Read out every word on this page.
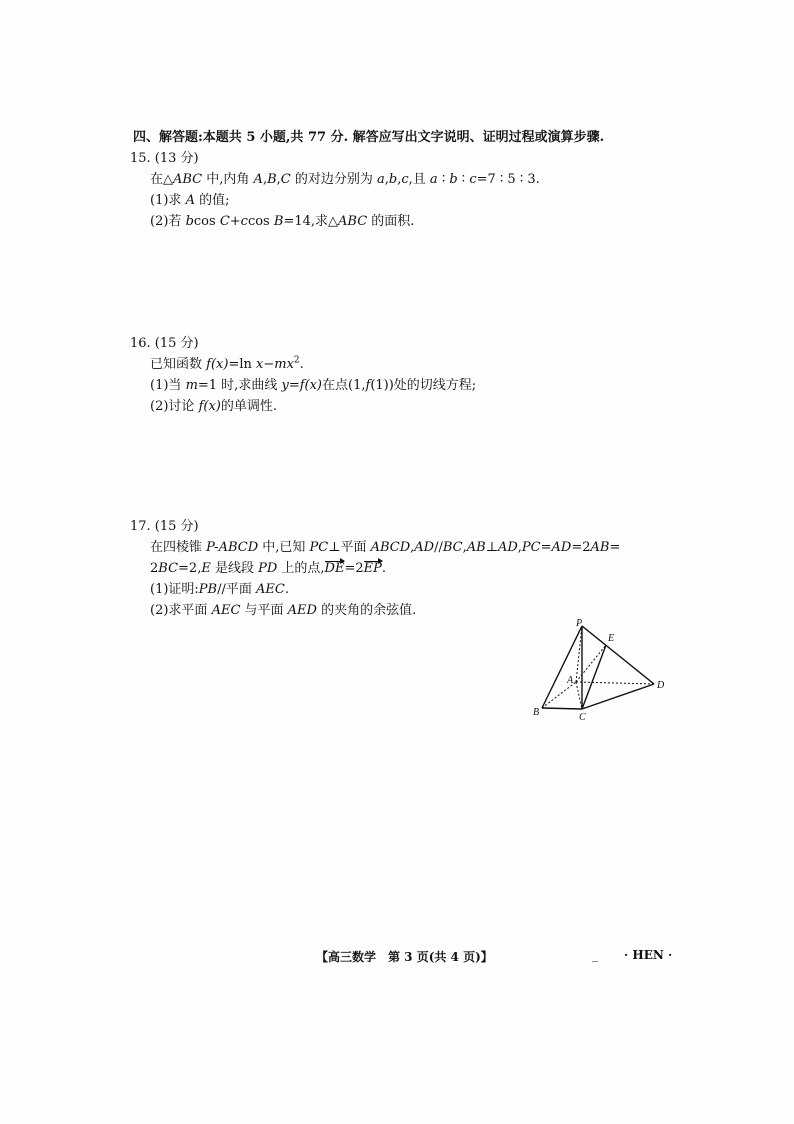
四、解答题:本题共 5 小题,共 77 分. 解答应写出文字说明、证明过程或演算步骤.
15. (13 分)
在△ABC 中,内角 A,B,C 的对边分别为 a,b,c,且 a ∶ b ∶ c=7 ∶ 5 ∶ 3.
(1)求 A 的值;
(2)若 bcos C+ccos B=14,求△ABC 的面积.
16. (15 分)
已知函数 f(x)=ln $x-mx^2$.
(1)当 m=1 时,求曲线 y=f(x)在点(1,f(1))处的切线方程;
(2)讨论 f(x)的单调性.
17. (15 分)
在四棱锥 P-ABCD 中,已知 PC⊥平面 ABCD,AD//BC,AB⊥AD,PC=AD=2AB=
2BC=2,E 是线段 PD 上的点,DE=2EP.
(1)证明:PB//平面 AEC.
(2)求平面 AEC 与平面 AED 的夹角的余弦值.
P
E
A	D
B	C
【高三数学　第 3 页(共 4 页)】	_ · HEN ·
